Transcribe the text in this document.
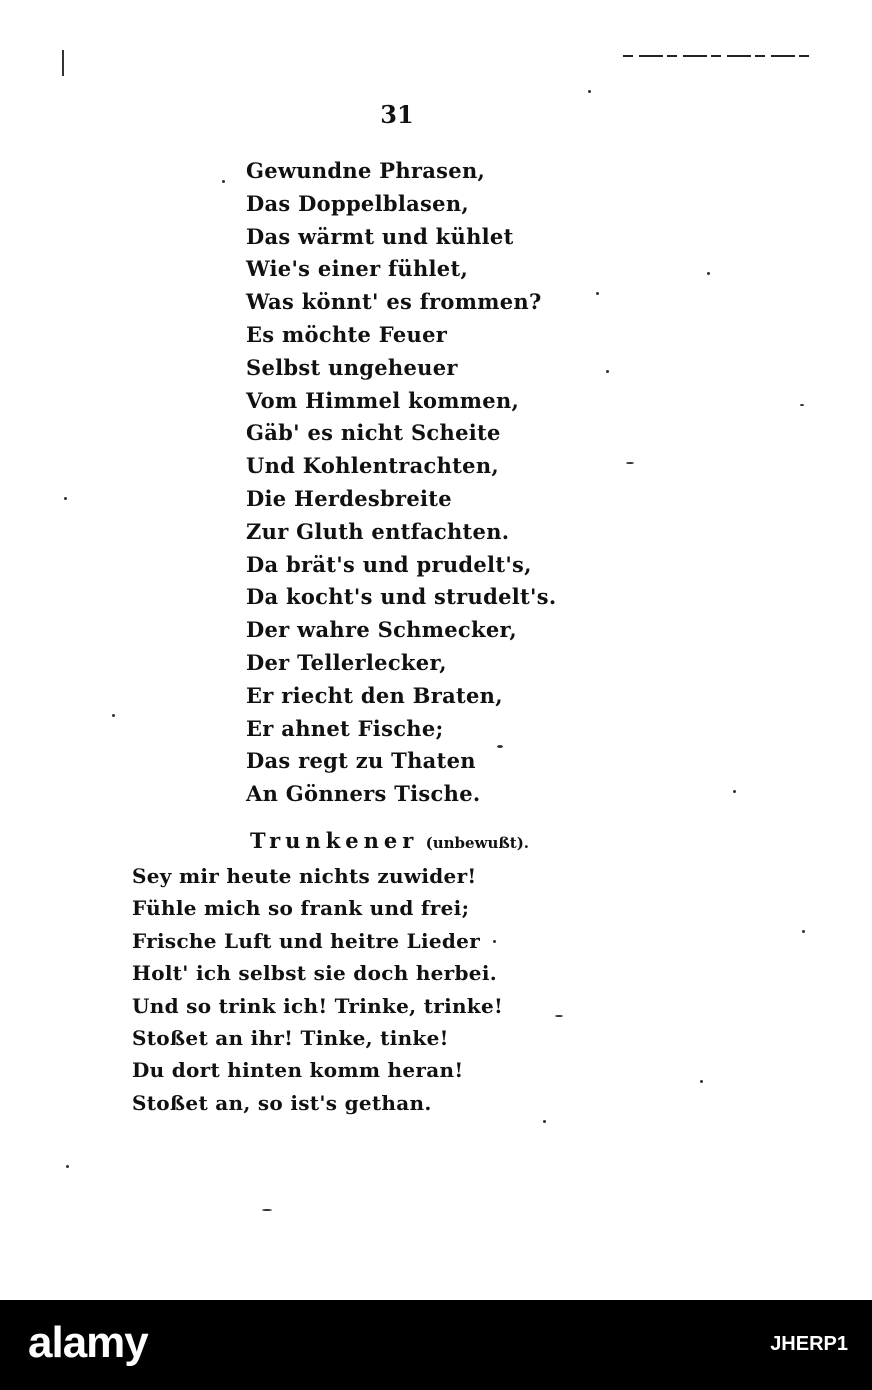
31
Gewundne Phrasen,
Das Doppelblasen,
Das wärmt und kühlet
Wie's einer fühlet,
Was könnt' es frommen?
Es möchte Feuer
Selbst ungeheuer
Vom Himmel kommen,
Gäb' es nicht Scheite
Und Kohlentrachten,
Die Herdesbreite
Zur Gluth entfachten.
Da brät's und prudelt's,
Da kocht's und strudelt's.
Der wahre Schmecker,
Der Tellerlecker,
Er riecht den Braten,
Er ahnet Fische;
Das regt zu Thaten
An Gönners Tische.
Trunkener (unbewußt).
Sey mir heute nichts zuwider!
Fühle mich so frank und frei;
Frische Luft und heitre Lieder
Holt' ich selbst sie doch herbei.
Und so trink ich! Trinke, trinke!
Stoßet an ihr! Tinke, tinke!
Du dort hinten komm heran!
Stoßet an, so ist's gethan.
alamy	JHERP1
